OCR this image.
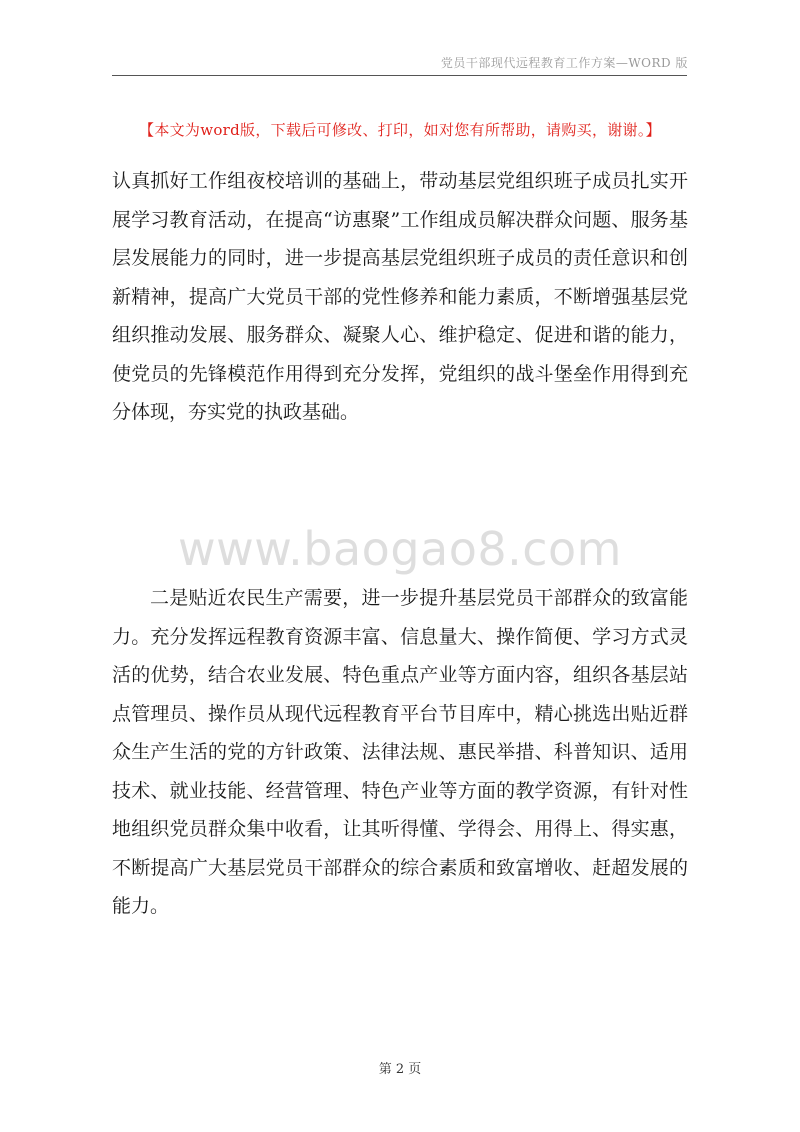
党员干部现代远程教育工作方案—WORD 版
【本文为word版，下载后可修改、打印，如对您有所帮助，请购买，谢谢。】

认真抓好工作组夜校培训的基础上，带动基层党组织班子成员扎实开展学习教育活动，在提高“访惠聚”工作组成员解决群众问题、服务基层发展能力的同时，进一步提高基层党组织班子成员的责任意识和创新精神，提高广大党员干部的党性修养和能力素质，不断增强基层党组织推动发展、服务群众、凝聚人心、维护稳定、促进和谐的能力，使党员的先锋模范作用得到充分发挥，党组织的战斗堡垒作用得到充分体现，夯实党的执政基础。

www.baogao8.com

二是贴近农民生产需要，进一步提升基层党员干部群众的致富能力。充分发挥远程教育资源丰富、信息量大、操作简便、学习方式灵活的优势，结合农业发展、特色重点产业等方面内容，组织各基层站点管理员、操作员从现代远程教育平台节目库中，精心挑选出贴近群众生产生活的党的方针政策、法律法规、惠民举措、科普知识、适用技术、就业技能、经营管理、特色产业等方面的教学资源，有针对性地组织党员群众集中收看，让其听得懂、学得会、用得上、得实惠，不断提高广大基层党员干部群众的综合素质和致富增收、赶超发展的能力。

第 2 页
